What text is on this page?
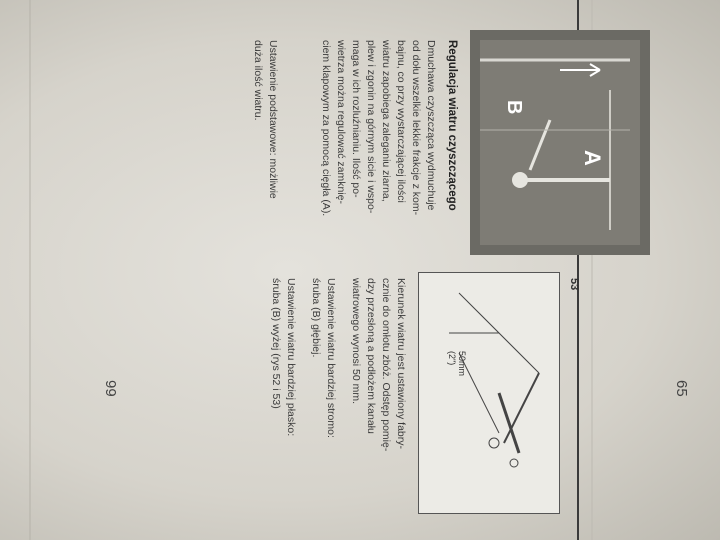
65
66
A
B
Regulacja wiatru czyszczącego
Dmuchawa czyszcząca wydmuchuje
od dołu wszelkie lekkie frakcje z kom-
bajnu, co przy wystarczającej ilości
wiatru zapobiega zaleganiu ziarna,
plew i zgonin na górnym sicie i wspo-
maga w ich rozluźnianiu. Ilość po-
wietrza można regulować zamknię-
ciem klapowym za pomocą cięgła (A).
Ustawienie podstawowe: możliwie
duża ilość wiatru.
53
50mm
(2")
Kierunek wiatru jest ustawiony fabry-
cznie do omłotu zbóż. Odstęp pomię-
dzy przesłoną a podłożem kanału
wiatrowego wynosi 50 mm.
Ustawienie wiatru bardziej stromo:
śruba (B) głębiej.
Ustawienie wiatru bardziej płasko:
śruba (B) wyżej (rys 52 i 53)
